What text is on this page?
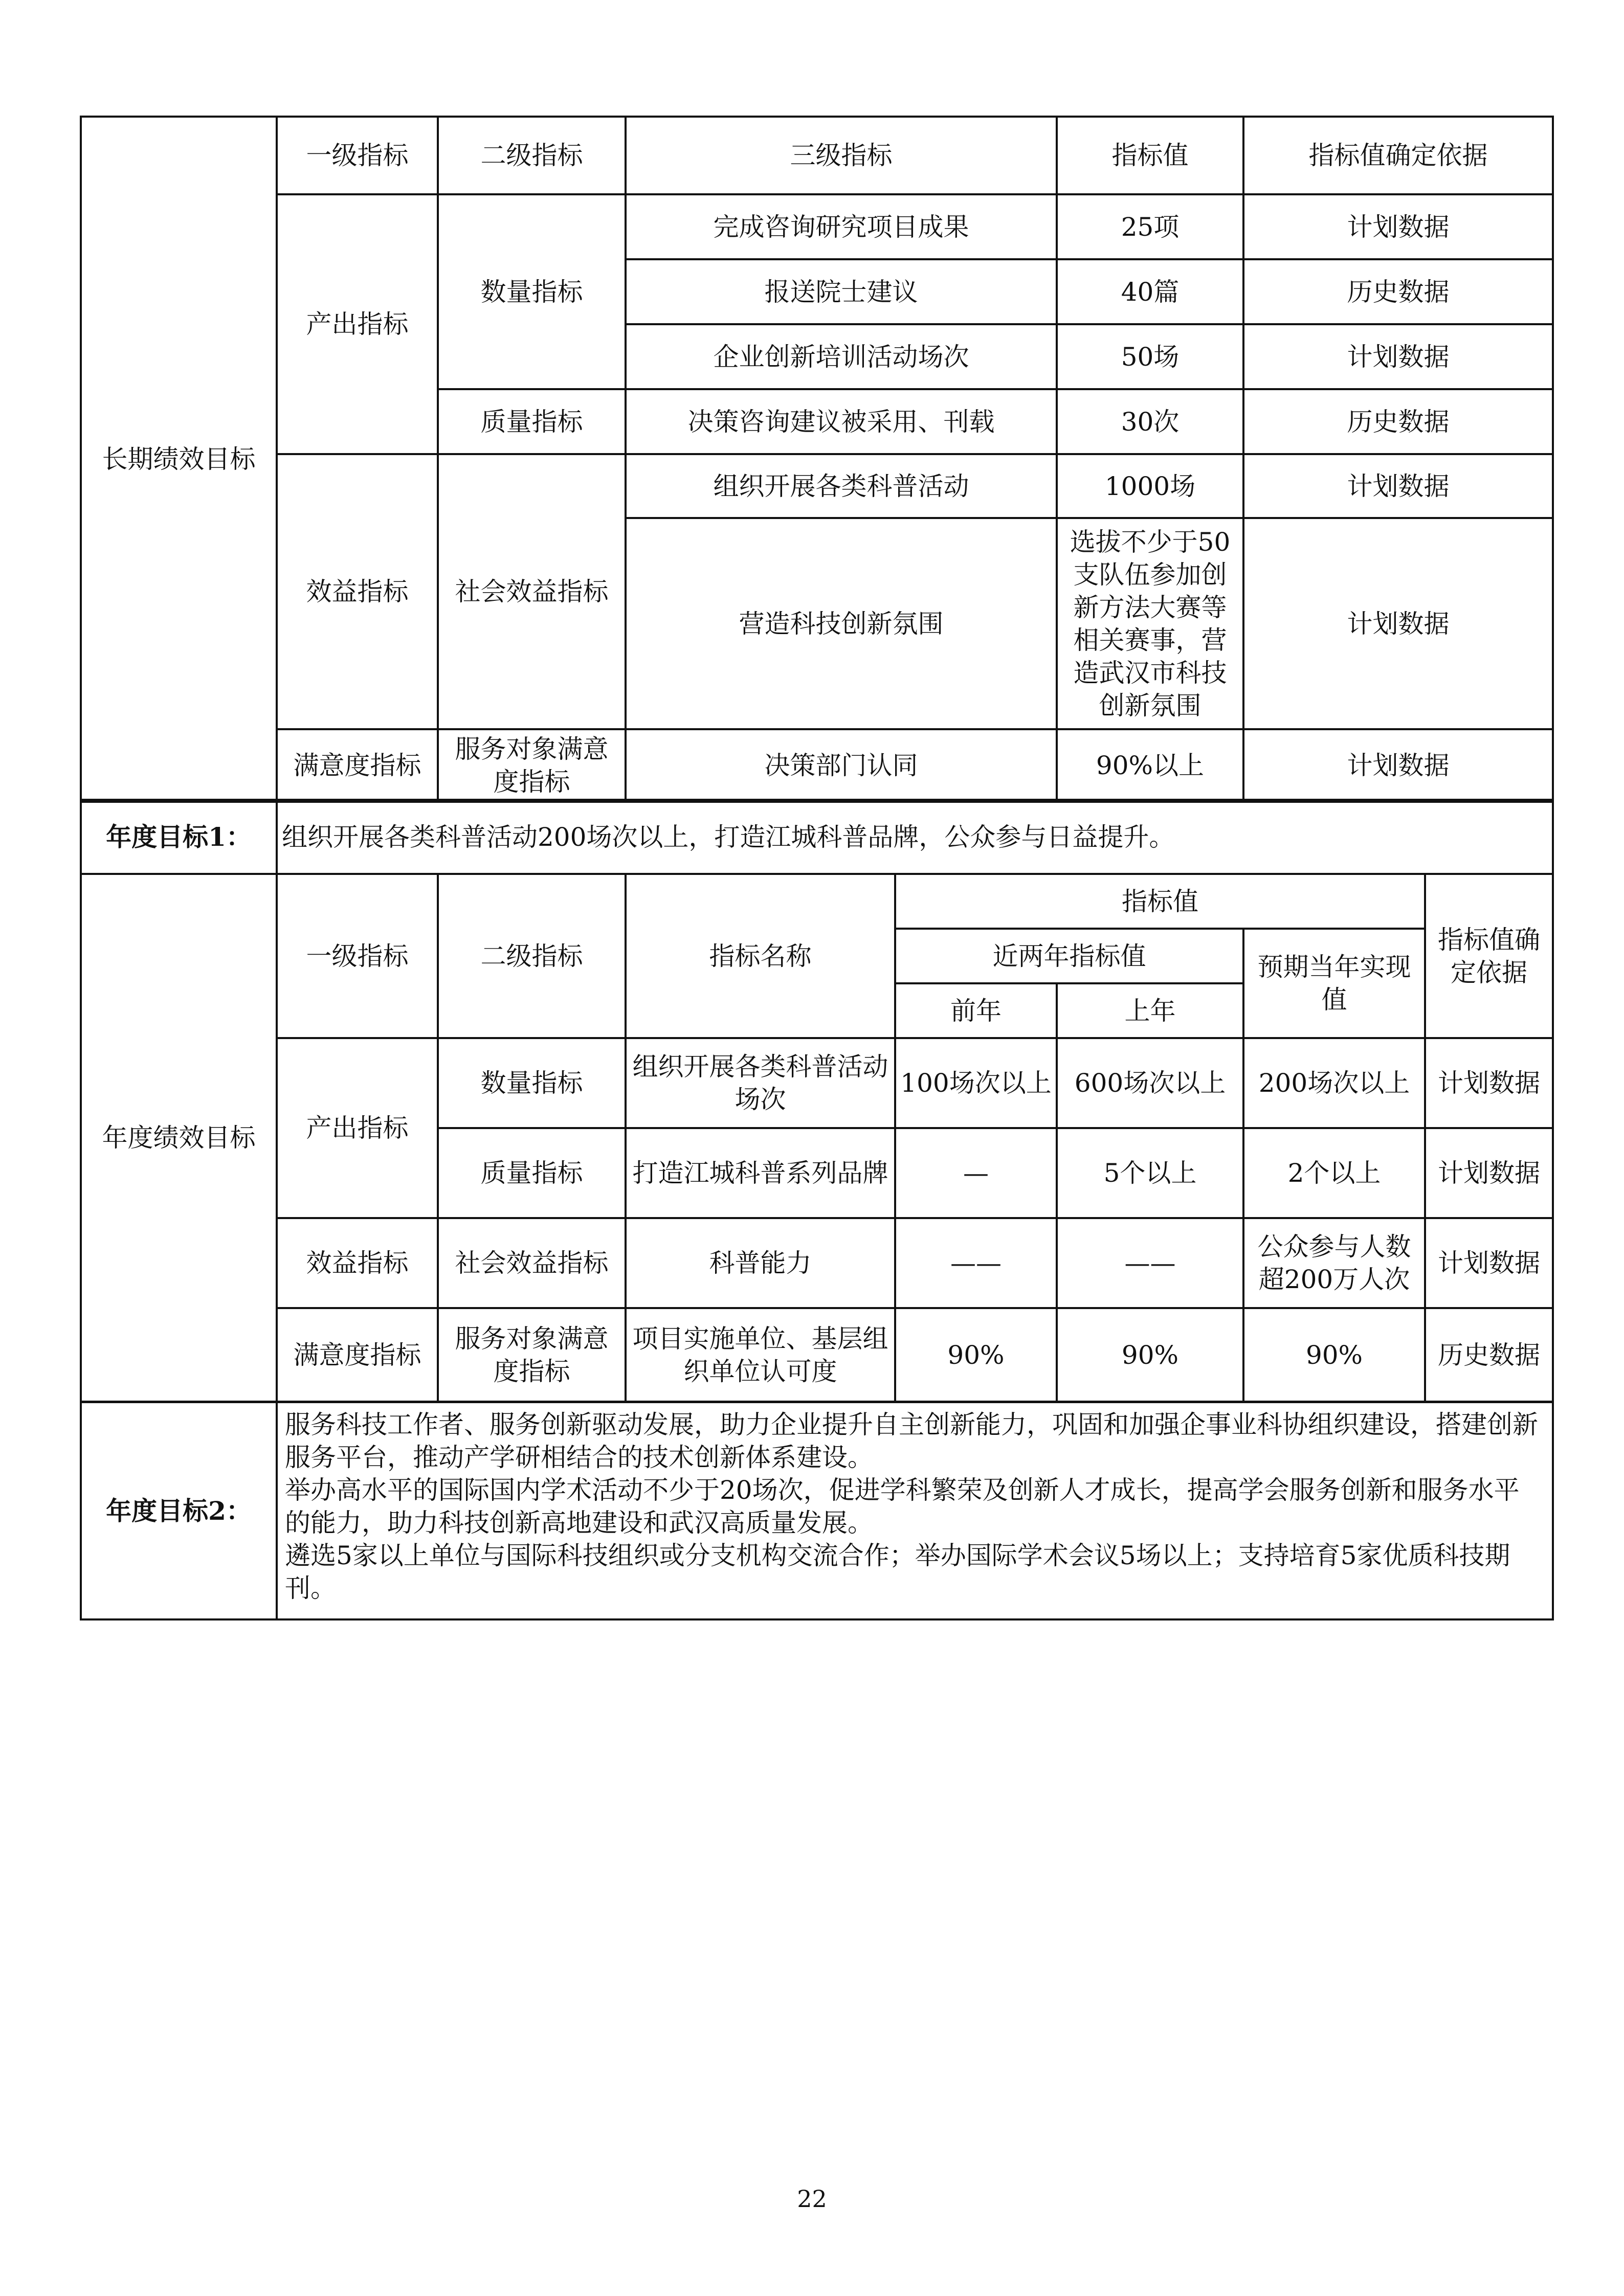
长期绩效目标	一级指标	二级指标	三级指标	指标值	指标值确定依据
	产出指标	数量指标	完成咨询研究项目成果	25项	计划数据
			报送院士建议	40篇	历史数据
			企业创新培训活动场次	50场	计划数据
		质量指标	决策咨询建议被采用、刊载	30次	历史数据
	效益指标	社会效益指标	组织开展各类科普活动	1000场	计划数据
			营造科技创新氛围	选拔不少于50支队伍参加创新方法大赛等相关赛事，营造武汉市科技创新氛围	计划数据
	满意度指标	服务对象满意度指标	决策部门认同	90%以上	计划数据
年度目标1：	组织开展各类科普活动200场次以上，打造江城科普品牌，公众参与日益提升。
年度绩效目标	一级指标	二级指标	指标名称	指标值			指标值确定依据
				近两年指标值		预期当年实现值	
				前年	上年		
	产出指标	数量指标	组织开展各类科普活动场次	100场次以上	600场次以上	200场次以上	计划数据
		质量指标	打造江城科普系列品牌	—	5个以上	2个以上	计划数据
	效益指标	社会效益指标	科普能力	——	——	公众参与人数超200万人次	计划数据
	满意度指标	服务对象满意度指标	项目实施单位、基层组织单位认可度	90%	90%	90%	历史数据
年度目标2：	
服务科技工作者、服务创新驱动发展，助力企业提升自主创新能力，巩固和加强企事业科协组织建设，搭建创新服务平台，推动产学研相结合的技术创新体系建设。
举办高水平的国际国内学术活动不少于20场次，促进学科繁荣及创新人才成长，提高学会服务创新和服务水平的能力，助力科技创新高地建设和武汉高质量发展。
遴选5家以上单位与国际科技组织或分支机构交流合作；举办国际学术会议5场以上；支持培育5家优质科技期刊。
22
